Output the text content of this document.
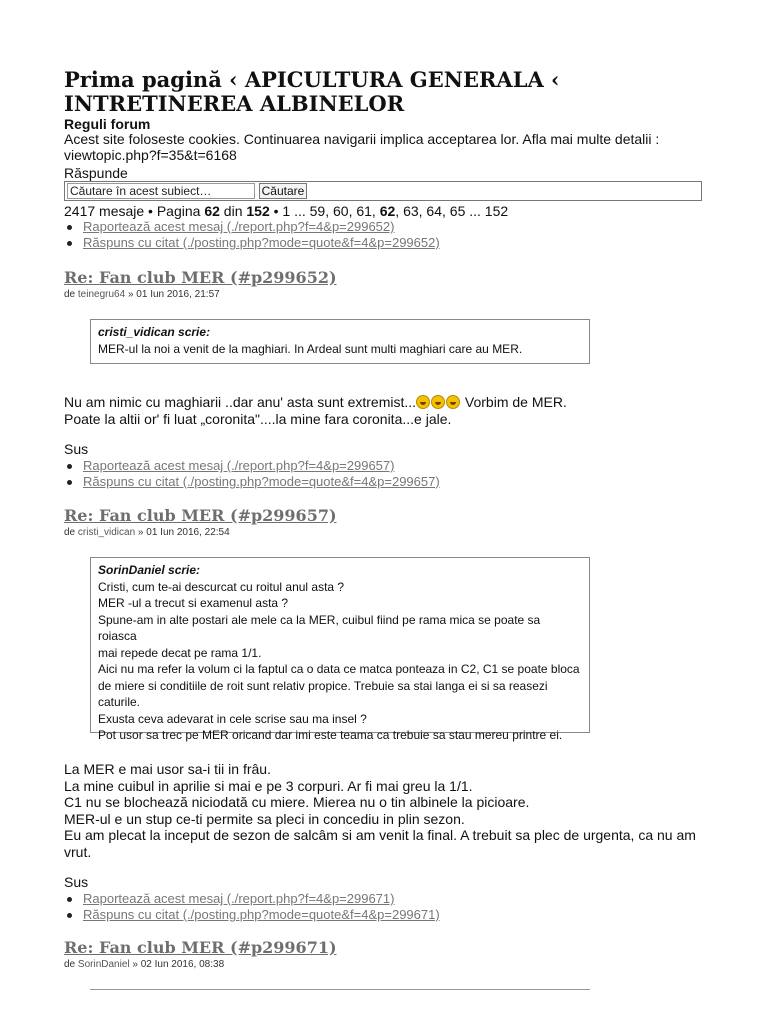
Prima pagină ‹ APICULTURA GENERALA ‹ INTRETINEREA ALBINELOR
Reguli forum
Acest site foloseste cookies. Continuarea navigarii implica acceptarea lor. Afla mai multe detalii : viewtopic.php?f=35&t=6168
Răspunde
Căutare în acest subiect…	Căutare
2417 mesaje • Pagina 62 din 152 • 1 ... 59, 60, 61, 62, 63, 64, 65 ... 152
Raportează acest mesaj (./report.php?f=4&p=299652)
Răspuns cu citat (./posting.php?mode=quote&f=4&p=299652)
Re: Fan club MER (#p299652)
de teinegru64 » 01 Iun 2016, 21:57
cristi_vidican scrie:
MER-ul la noi a venit de la maghiari. In Ardeal sunt multi maghiari care au MER.
Nu am nimic cu maghiarii ..dar anu' asta sunt extremist...	Vorbim de MER.
Poate la altii or' fi luat „coronita"....la mine fara coronita...e jale.
Sus
Raportează acest mesaj (./report.php?f=4&p=299657)
Răspuns cu citat (./posting.php?mode=quote&f=4&p=299657)
Re: Fan club MER (#p299657)
de cristi_vidican » 01 Iun 2016, 22:54
SorinDaniel scrie:
Cristi, cum te-ai descurcat cu roitul anul asta ?
MER -ul a trecut si examenul asta ?
Spune-am in alte postari ale mele ca la MER, cuibul fiind pe rama mica se poate sa roiasca
mai repede decat pe rama 1/1.
Aici nu ma refer la volum ci la faptul ca o data ce matca ponteaza in C2, C1 se poate bloca
de miere si conditiile de roit sunt relativ propice. Trebuie sa stai langa ei si sa reasezi
caturile.
Exusta ceva adevarat in cele scrise sau ma insel ?
Pot usor sa trec pe MER oricand dar imi este teama ca trebuie sa stau mereu printre ei.
La MER e mai usor sa-i tii in frâu.
La mine cuibul in aprilie si mai e pe 3 corpuri. Ar fi mai greu la 1/1.
C1 nu se blochează niciodată cu miere. Mierea nu o tin albinele la picioare.
MER-ul e un stup ce-ti permite sa pleci in concediu in plin sezon.
Eu am plecat la inceput de sezon de salcâm si am venit la final. A trebuit sa plec de urgenta, ca nu am
vrut.
Sus
Raportează acest mesaj (./report.php?f=4&p=299671)
Răspuns cu citat (./posting.php?mode=quote&f=4&p=299671)
Re: Fan club MER (#p299671)
de SorinDaniel » 02 Iun 2016, 08:38
